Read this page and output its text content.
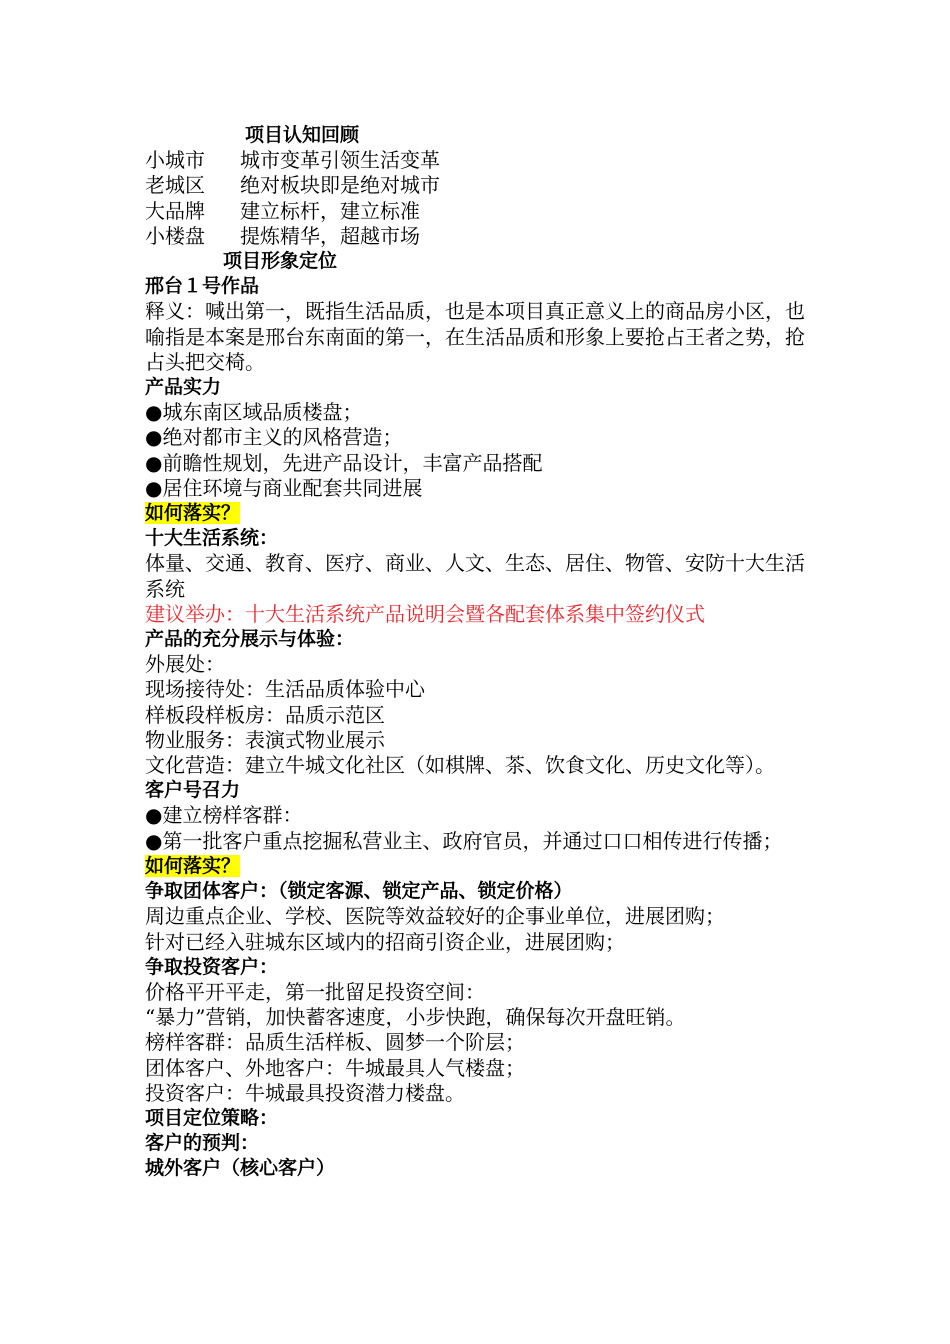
项目认知回顾
小城市 城市变革引领生活变革
老城区 绝对板块即是绝对城市
大品牌 建立标杆，建立标准
小楼盘 提炼精华，超越市场
项目形象定位
邢台１号作品
释义：喊出第一，既指生活品质，也是本项目真正意义上的商品房小区，也喻指是本案是邢台东南面的第一，在生活品质和形象上要抢占王者之势，抢占头把交椅。
产品实力
●城东南区域品质楼盘；
●绝对都市主义的风格营造；
●前瞻性规划，先进产品设计，丰富产品搭配
●居住环境与商业配套共同进展
如何落实？
十大生活系统：
体量、交通、教育、医疗、商业、人文、生态、居住、物管、安防十大生活系统
建议举办：十大生活系统产品说明会暨各配套体系集中签约仪式
产品的充分展示与体验：
外展处：
现场接待处：生活品质体验中心
样板段样板房：品质示范区
物业服务：表演式物业展示
文化营造：建立牛城文化社区（如棋牌、茶、饮食文化、历史文化等）。
客户号召力
●建立榜样客群：
●第一批客户重点挖掘私营业主、政府官员，并通过口口相传进行传播；
如何落实？
争取团体客户：（锁定客源、锁定产品、锁定价格）
周边重点企业、学校、医院等效益较好的企事业单位，进展团购；
针对已经入驻城东区域内的招商引资企业，进展团购；
争取投资客户：
价格平开平走，第一批留足投资空间：
“暴力”营销，加快蓄客速度，小步快跑，确保每次开盘旺销。
榜样客群：品质生活样板、圆梦一个阶层；
团体客户、外地客户：牛城最具人气楼盘；
投资客户：牛城最具投资潜力楼盘。
项目定位策略：
客户的预判：
城外客户（核心客户）
